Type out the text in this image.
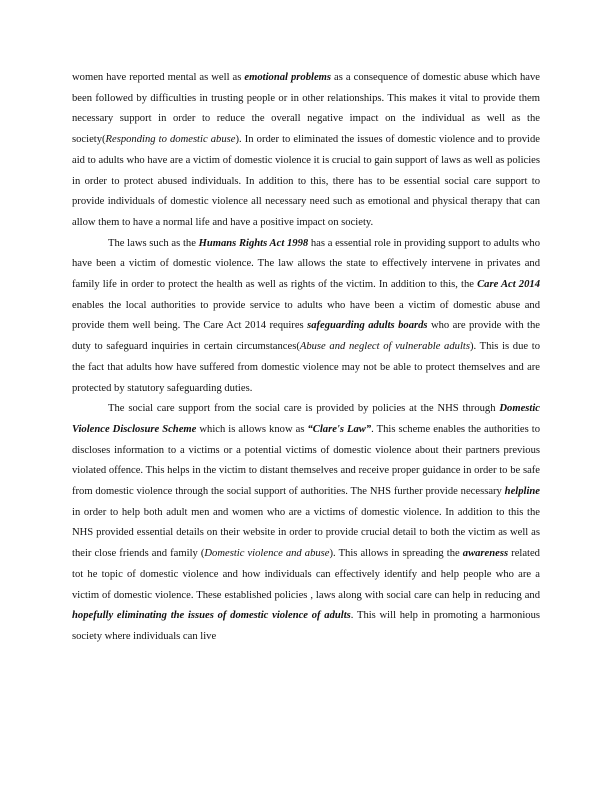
women have reported mental as well as emotional problems as a consequence of domestic abuse which have been followed by difficulties in trusting people or in other relationships. This makes it vital to provide them necessary support in order to reduce the overall negative impact on the individual as well as the society(Responding to domestic abuse). In order to eliminated the issues of domestic violence and to provide aid to adults who have are a victim of domestic violence it is crucial to gain support of laws as well as policies in order to protect abused individuals. In addition to this, there has to be essential social care support to provide individuals of domestic violence all necessary need such as emotional and physical therapy that can allow them to have a normal life and have a positive impact on society.

The laws such as the Humans Rights Act 1998 has a essential role in providing support to adults who have been a victim of domestic violence. The law allows the state to effectively intervene in privates and family life in order to protect the health as well as rights of the victim. In addition to this, the Care Act 2014 enables the local authorities to provide service to adults who have been a victim of domestic abuse and provide them well being. The Care Act 2014 requires safeguarding adults boards who are provide with the duty to safeguard inquiries in certain circumstances(Abuse and neglect of vulnerable adults). This is due to the fact that adults how have suffered from domestic violence may not be able to protect themselves and are protected by statutory safeguarding duties.

The social care support from the social care is provided by policies at the NHS through Domestic Violence Disclosure Scheme which is allows know as “Clare's Law”. This scheme enables the authorities to discloses information to a victims or a potential victims of domestic violence about their partners previous violated offence. This helps in the victim to distant themselves and receive proper guidance in order to be safe from domestic violence through the social support of authorities. The NHS further provide necessary helpline in order to help both adult men and women who are a victims of domestic violence. In addition to this the NHS provided essential details on their website in order to provide crucial detail to both the victim as well as their close friends and family (Domestic violence and abuse). This allows in spreading the awareness related tot he topic of domestic violence and how individuals can effectively identify and help people who are a victim of domestic violence. These established policies , laws along with social care can help in reducing and hopefully eliminating the issues of domestic violence of adults. This will help in promoting a harmonious society where individuals can live
